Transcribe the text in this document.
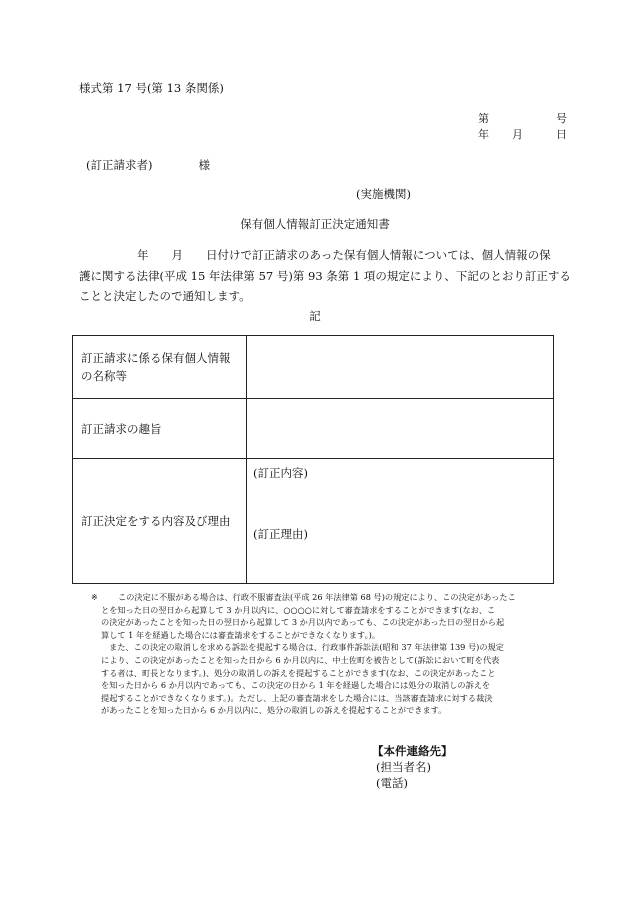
様式第 17 号(第 13 条関係)
第	号
年 月	日
(訂正請求者)	様
(実施機関)
保有個人情報訂正決定通知書
年　　月　　日付けで訂正請求のあった保有個人情報については、個人情報の保
護に関する法律(平成 15 年法律第 57 号)第 93 条第 1 項の規定により、下記のとおり訂正する
ことと決定したので通知します。
記
訂正請求に係る保有個人情報
の名称等	
訂正請求の趣旨	
訂正決定をする内容及び理由	(訂正内容)
(訂正理由)
※	この決定に不服がある場合は、行政不服審査法(平成 26 年法律第 68 号)の規定により、この決定があったこ
とを知った日の翌日から起算して 3 か月以内に、○○○○に対して審査請求をすることができます(なお、こ
の決定があったことを知った日の翌日から起算して 3 か月以内であっても、この決定があった日の翌日から起
算して 1 年を経過した場合には審査請求をすることができなくなります。)。
また、この決定の取消しを求める訴訟を提起する場合は、行政事件訴訟法(昭和 37 年法律第 139 号)の規定
により、この決定があったことを知った日から 6 か月以内に、中土佐町を被告として(訴訟において町を代表
する者は、町長となります。)、処分の取消しの訴えを提起することができます(なお、この決定があったこと
を知った日から 6 か月以内であっても、この決定の日から 1 年を経過した場合には処分の取消しの訴えを
提起することができなくなります。)。ただし、上記の審査請求をした場合には、当該審査請求に対する裁決
があったことを知った日から 6 か月以内に、処分の取消しの訴えを提起することができます。
【本件連絡先】
(担当者名)
(電話)
